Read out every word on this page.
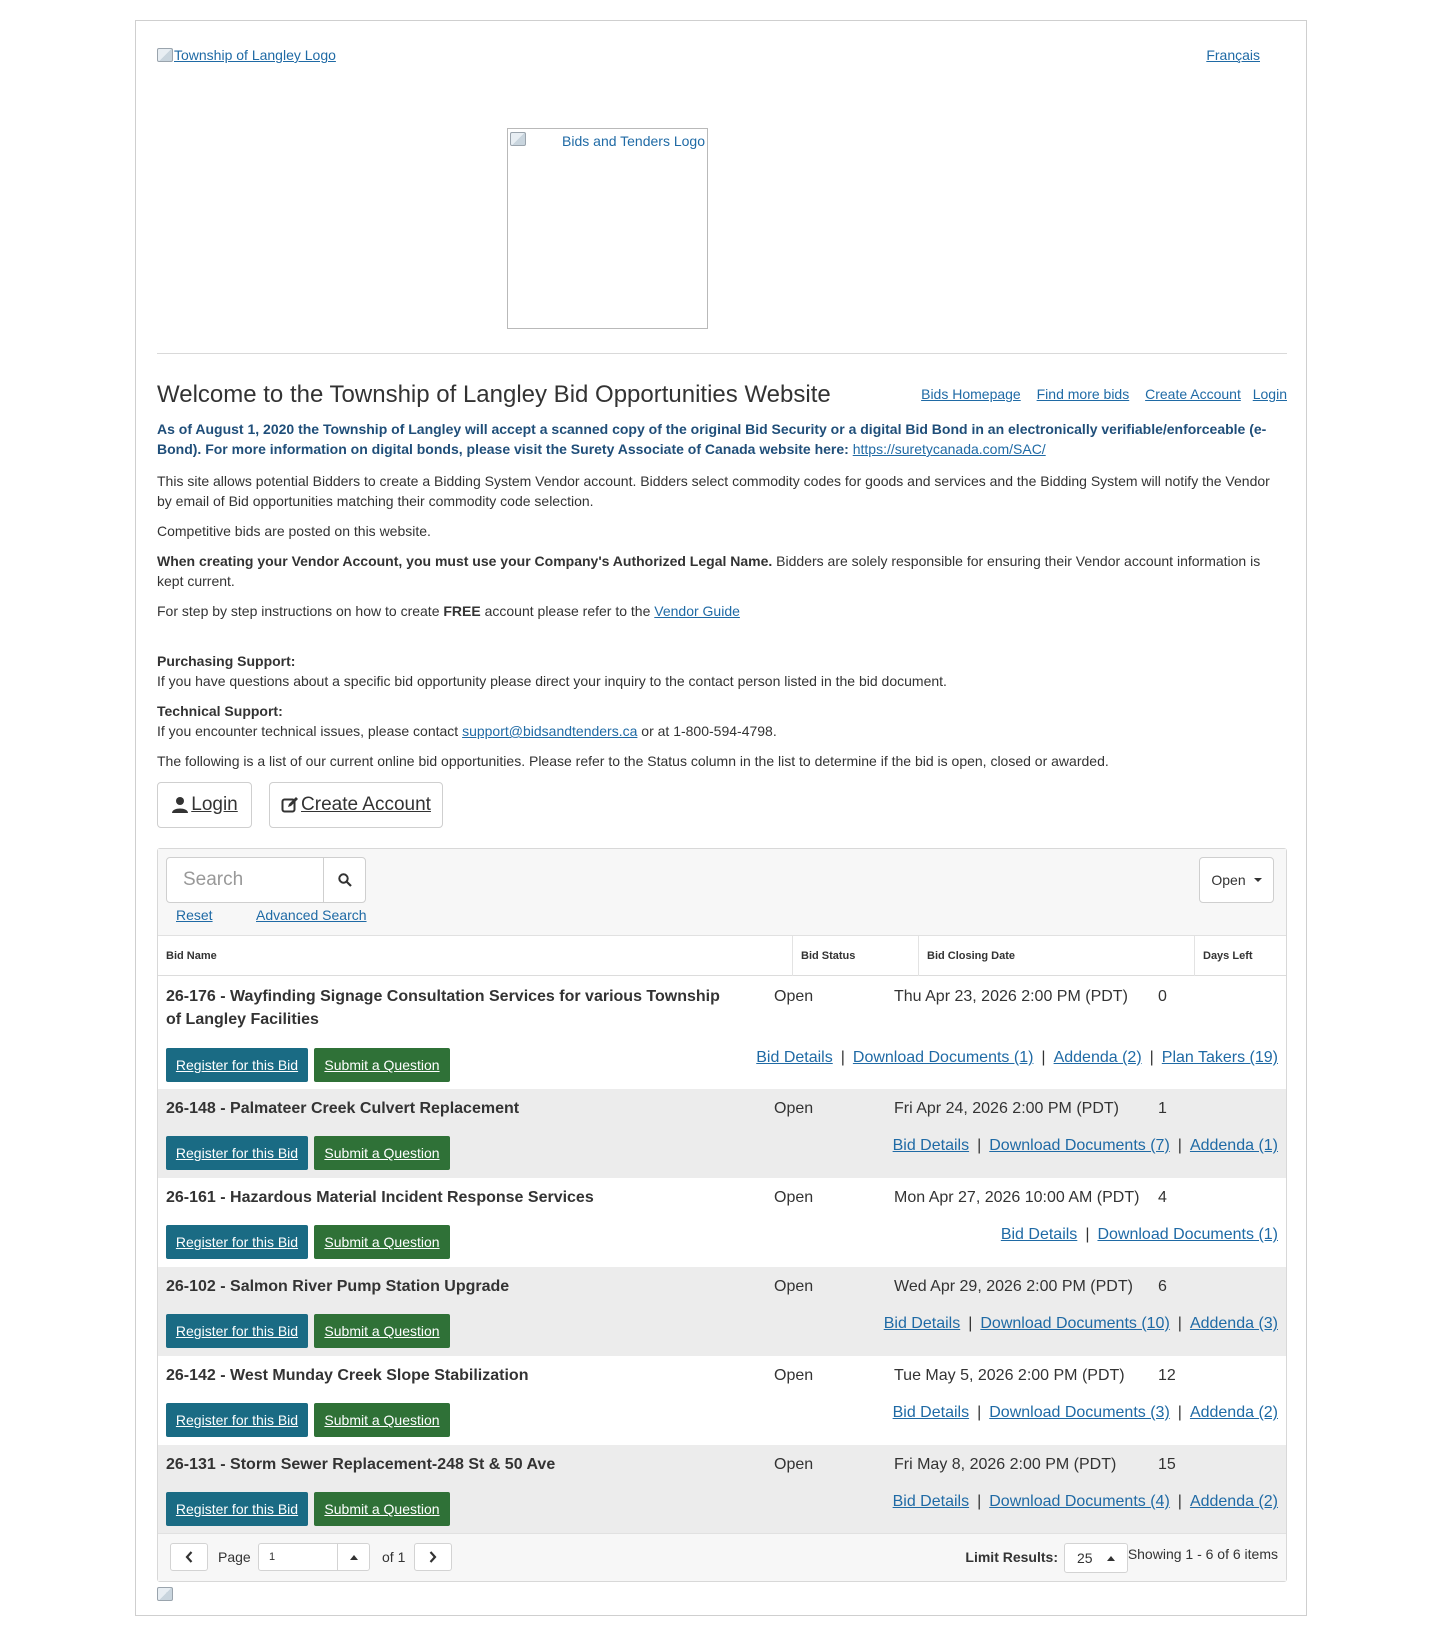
Township of Langley Logo	Français
Bids and Tenders Logo
Welcome to the Township of Langley Bid Opportunities Website	Bids Homepage Find more bids Create Account Login

As of August 1, 2020 the Township of Langley will accept a scanned copy of the original Bid Security or a digital Bid Bond in an electronically verifiable/enforceable (e-Bond). For more information on digital bonds, please visit the Surety Associate of Canada website here: https://suretycanada.com/SAC/

This site allows potential Bidders to create a Bidding System Vendor account. Bidders select commodity codes for goods and services and the Bidding System will notify the Vendor by email of Bid opportunities matching their commodity code selection.

Competitive bids are posted on this website.

When creating your Vendor Account, you must use your Company's Authorized Legal Name. Bidders are solely responsible for ensuring their Vendor account information is kept current.

For step by step instructions on how to create FREE account please refer to the Vendor Guide

Purchasing Support:

If you have questions about a specific bid opportunity please direct your inquiry to the contact person listed in the bid document.

Technical Support:

If you encounter technical issues, please contact support@bidsandtenders.ca or at 1-800-594-4798.

The following is a list of our current online bid opportunities. Please refer to the Status column in the list to determine if the bid is open, closed or awarded.

Login	Create Account
Search
Reset	Advanced Search
Open
Bid Name	Bid Status	Bid Closing Date	Days Left
26-176 - Wayfinding Signage Consultation Services for various Township of Langley Facilities
Open	Thu Apr 23, 2026 2:00 PM (PDT) 0
Register for this Bid	Submit a Question	Bid Details | Download Documents (1) | Addenda (2) | Plan Takers (19)
26-148 - Palmateer Creek Culvert Replacement	Open	Fri Apr 24, 2026 2:00 PM (PDT) 1
Register for this Bid	Submit a Question	Bid Details | Download Documents (7) | Addenda (1)
26-161 - Hazardous Material Incident Response Services	Open	Mon Apr 27, 2026 10:00 AM (PDT) 4
Register for this Bid	Submit a Question	Bid Details | Download Documents (1)
26-102 - Salmon River Pump Station Upgrade	Open	Wed Apr 29, 2026 2:00 PM (PDT) 6
Register for this Bid	Submit a Question	Bid Details | Download Documents (10) | Addenda (3)
26-142 - West Munday Creek Slope Stabilization	Open	Tue May 5, 2026 2:00 PM (PDT) 12
Register for this Bid	Submit a Question	Bid Details | Download Documents (3) | Addenda (2)
26-131 - Storm Sewer Replacement-248 St & 50 Ave	Open	Fri May 8, 2026 2:00 PM (PDT)	15
Register for this Bid	Submit a Question	Bid Details | Download Documents (4) | Addenda (2)
Page	1	of 1	Limit Results: 25	Showing 1 - 6 of 6 items
